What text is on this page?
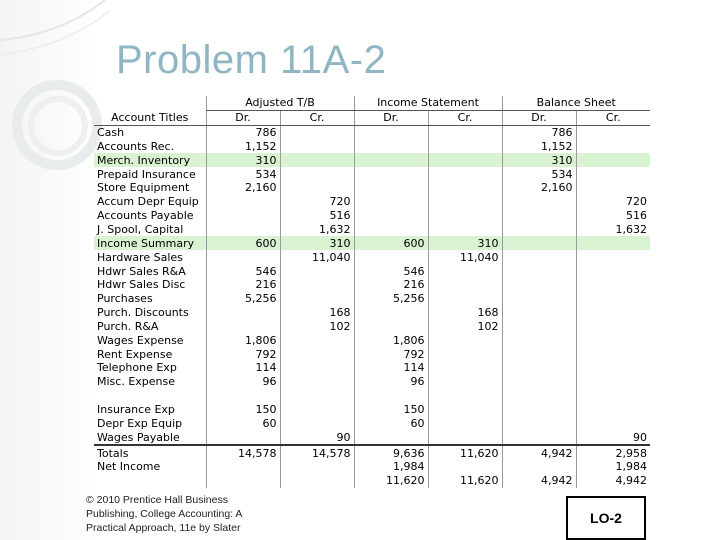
Problem 11A-2
	Adjusted T/B		Income Statement		Balance Sheet	
Account Titles	Dr.	Cr.	Dr.	Cr.	Dr.	Cr.
Cash	786				786	
Accounts Rec.	1,152				1,152	
Merch. Inventory	310				310	
Prepaid Insurance	534				534	
Store Equipment	2,160				2,160	
Accum Depr Equip		720				720
Accounts Payable		516				516
J. Spool, Capital		1,632				1,632
Income Summary	600	310	600	310		
Hardware Sales		11,040		11,040		
Hdwr Sales R&A	546		546			
Hdwr Sales Disc	216		216			
Purchases	5,256		5,256			
Purch. Discounts		168		168		
Purch. R&A		102		102		
Wages Expense	1,806		1,806			
Rent Expense	792		792			
Telephone Exp	114		114			
Misc. Expense	96		96			

Insurance Exp	150		150			
Depr Exp Equip	60		60			
Wages Payable		90				90
Totals	14,578	14,578	9,636	11,620	4,942	2,958
Net Income			1,984			1,984
			11,620	11,620	4,942	4,942
© 2010 Prentice Hall Business
Publishing, College Accounting: A
Practical Approach, 11e by Slater
LO-2
